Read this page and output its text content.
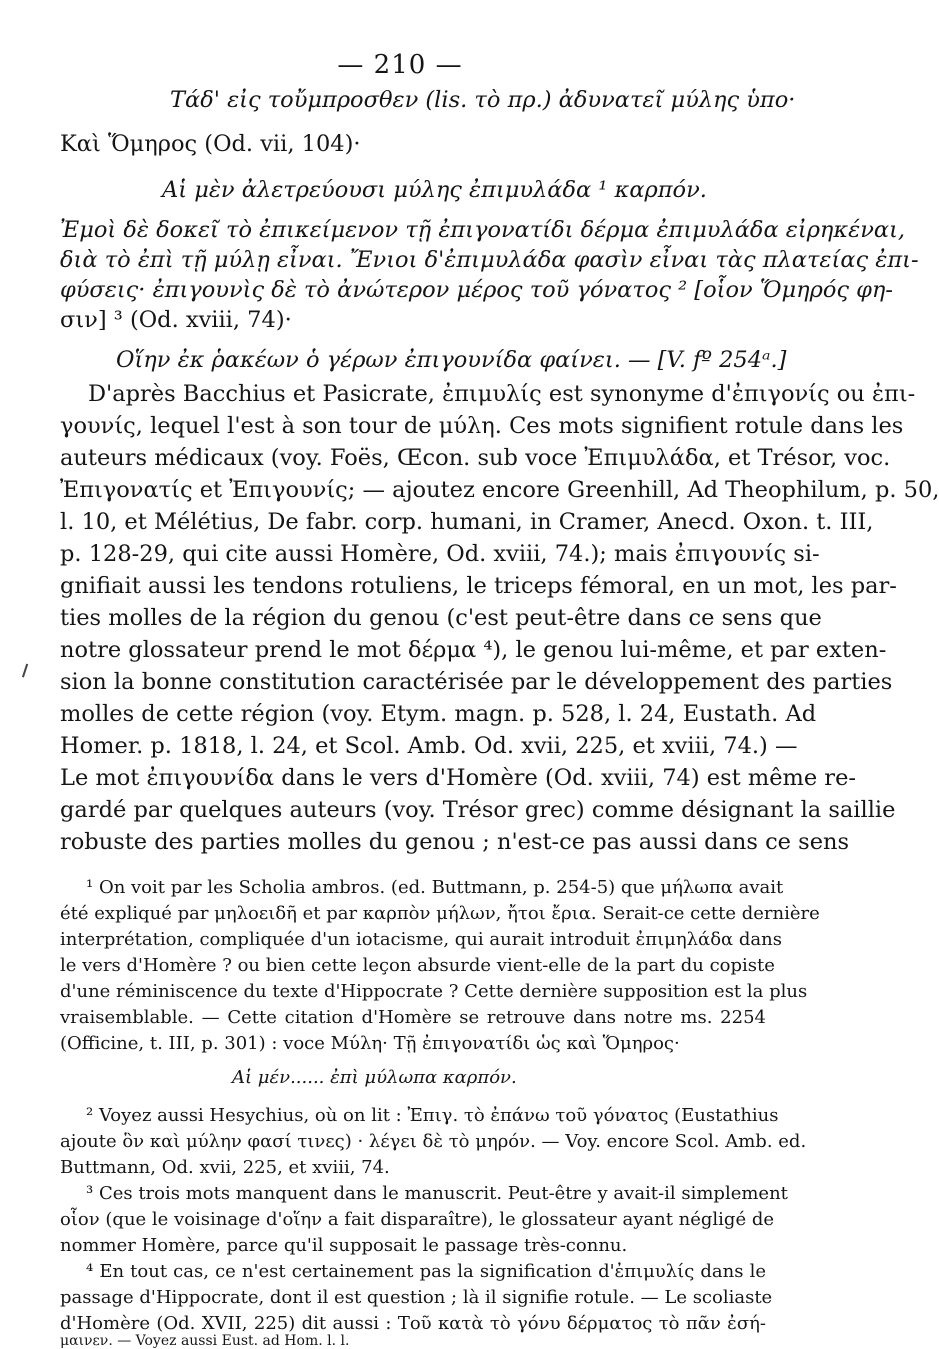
— 210 —
Τάδ' εἰς τοὔμπροσθεν (lis. τὸ πρ.) ἀδυνατεῖ μύλης ὑπο·
Καὶ Ὅμηρος (Od. vii, 104)·
Αἱ μὲν ἀλετρεύουσι μύλης ἐπιμυλάδα ¹ καρπόν.
Ἐμοὶ δὲ δοκεῖ τὸ ἐπικείμενον τῇ ἐπιγονατίδι δέρμα ἐπιμυλάδα εἰρηκέναι,
διὰ τὸ ἐπὶ τῇ μύλῃ εἶναι. Ἔνιοι δ'ἐπιμυλάδα φασὶν εἶναι τὰς πλατείας ἐπι-
φύσεις· ἐπιγουνὶς δὲ τὸ ἀνώτερον μέρος τοῦ γόνατος ² [οἷον Ὅμηρός φη-
σιν] ³ (Od. xviii, 74)·
Οἵην ἐκ ῥακέων ὁ γέρων ἐπιγουνίδα φαίνει. — [V. fº 254ᵃ.]
D'après Bacchius et Pasicrate, ἐπιμυλίς est synonyme d'ἐπιγονίς ou ἐπι-
γουνίς, lequel l'est à son tour de μύλη. Ces mots signifient rotule dans les
auteurs médicaux (voy. Foës, Œcon. sub voce Ἐπιμυλάδα, et Trésor, voc.
Ἐπιγονατίς et Ἐπιγουνίς; — ajoutez encore Greenhill, Ad Theophilum, p. 50,
l. 10, et Mélétius, De fabr. corp. humani, in Cramer, Anecd. Oxon. t. III,
p. 128-29, qui cite aussi Homère, Od. xviii, 74.); mais ἐπιγουνίς si-
gnifiait aussi les tendons rotuliens, le triceps fémoral, en un mot, les par-
ties molles de la région du genou (c'est peut-être dans ce sens que
notre glossateur prend le mot δέρμα ⁴), le genou lui-même, et par exten-
sion la bonne constitution caractérisée par le développement des parties
molles de cette région (voy. Etym. magn. p. 528, l. 24, Eustath. Ad
Homer. p. 1818, l. 24, et Scol. Amb. Od. xvii, 225, et xviii, 74.) —
Le mot ἐπιγουνίδα dans le vers d'Homère (Od. xviii, 74) est même re-
gardé par quelques auteurs (voy. Trésor grec) comme désignant la saillie
robuste des parties molles du genou ; n'est-ce pas aussi dans ce sens
¹ On voit par les Scholia ambros. (ed. Buttmann, p. 254-5) que μήλωπα avait
été expliqué par μηλοειδῆ et par καρπὸν μήλων, ἤτοι ἔρια. Serait-ce cette dernière
interprétation, compliquée d'un iotacisme, qui aurait introduit ἐπιμηλάδα dans
le vers d'Homère ? ou bien cette leçon absurde vient-elle de la part du copiste
d'une réminiscence du texte d'Hippocrate ? Cette dernière supposition est la plus
vraisemblable. — Cette citation d'Homère se retrouve dans notre ms. 2254
(Officine, t. III, p. 301) : voce Μύλη· Τῇ ἐπιγονατίδι ὡς καὶ Ὅμηρος·
Αἱ μέν...... ἐπὶ μύλωπα καρπόν.
² Voyez aussi Hesychius, où on lit : Ἐπιγ. τὸ ἐπάνω τοῦ γόνατος (Eustathius
ajoute ὃν καὶ μύλην φασί τινες) · λέγει δὲ τὸ μηρόν. — Voy. encore Scol. Amb. ed.
Buttmann, Od. xvii, 225, et xviii, 74.
³ Ces trois mots manquent dans le manuscrit. Peut-être y avait-il simplement
οἷον (que le voisinage d'οἵην a fait disparaître), le glossateur ayant négligé de
nommer Homère, parce qu'il supposait le passage très-connu.
⁴ En tout cas, ce n'est certainement pas la signification d'ἐπιμυλίς dans le
passage d'Hippocrate, dont il est question ; là il signifie rotule. — Le scoliaste
d'Homère (Od. XVII, 225) dit aussi : Τοῦ κατὰ τὸ γόνυ δέρματος τὸ πᾶν ἐσή-
μαινεν. — Voyez aussi Eust. ad Hom. l. l.
